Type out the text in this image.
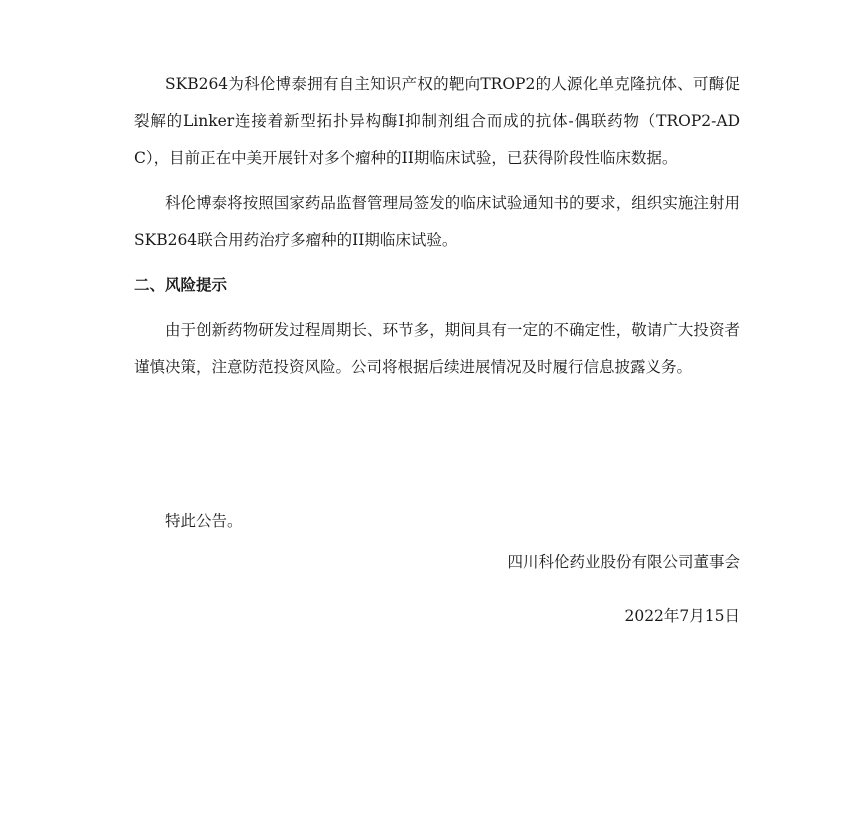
SKB264为科伦博泰拥有自主知识产权的靶向TROP2的人源化单克隆抗体、可酶促裂解的Linker连接着新型拓扑异构酶I抑制剂组合而成的抗体-偶联药物（TROP2-ADC），目前正在中美开展针对多个瘤种的II期临床试验，已获得阶段性临床数据。

科伦博泰将按照国家药品监督管理局签发的临床试验通知书的要求，组织实施注射用SKB264联合用药治疗多瘤种的II期临床试验。

二、风险提示

由于创新药物研发过程周期长、环节多，期间具有一定的不确定性，敬请广大投资者谨慎决策，注意防范投资风险。公司将根据后续进展情况及时履行信息披露义务。

特此公告。

四川科伦药业股份有限公司董事会

2022年7月15日
